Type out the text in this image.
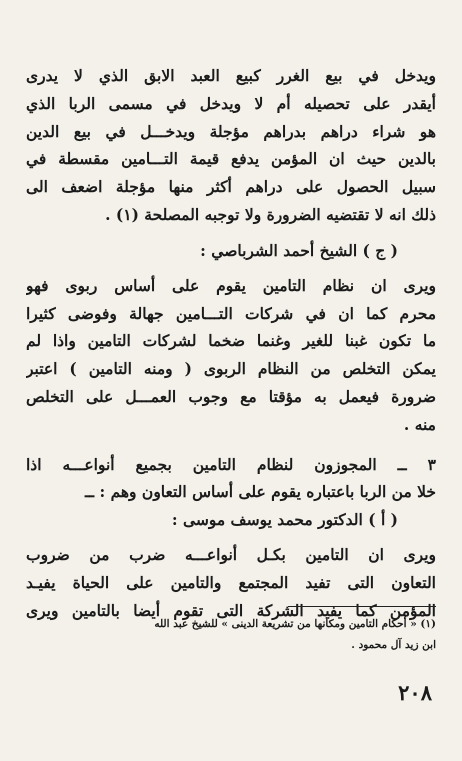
ويدخل في بيع الغرر كبيع العبد الابق الذي لا يدرى
أيقدر على تحصيله أم لا ويدخل في مسمى الربا الذي
هو شراء دراهم بدراهم مؤجلة ويدخـــل في بيع الدين
بالدين حيث ان المؤمن يدفع قيمة التـــامين مقسطة في
سبيل الحصول على دراهم أكثر منها مؤجلة اضعف الى
ذلك انه لا تقتضيه الضرورة ولا توجبه المصلحة (١) .
( ج ) الشيخ أحمد الشرباصي :
ويرى ان نظام التامين يقوم على أساس ربوى فهو
محرم كما ان في شركات التـــامين جهالة وفوضى كثيرا
ما تكون غبنا للغير وغنما ضخما لشركات التامين واذا لم
يمكن التخلص من النظام الربوى ( ومنه التامين ) اعتبر
ضرورة فيعمل به مؤقتا مع وجوب العمـــل على التخلص
منه .
٣ ــ المجوزون لنظام التامين بجميع أنواعـــه اذا
خلا من الربا باعتباره يقوم على أساس التعاون وهم : ــ
( أ ) الدكتور محمد يوسف موسى :
ويرى ان التامين بكـل أنواعـــه ضرب من ضروب
التعاون التى تفيد المجتمع والتامين على الحياة يفيـد
المؤمن كما يفيد الشركة التى تقوم أيضا بالتامين ويرى
(١) « أحكام التامين ومكانها من تشريعة الدينى » للشيخ عبد الله
ابن زيد آل محمود .
٢٠٨
